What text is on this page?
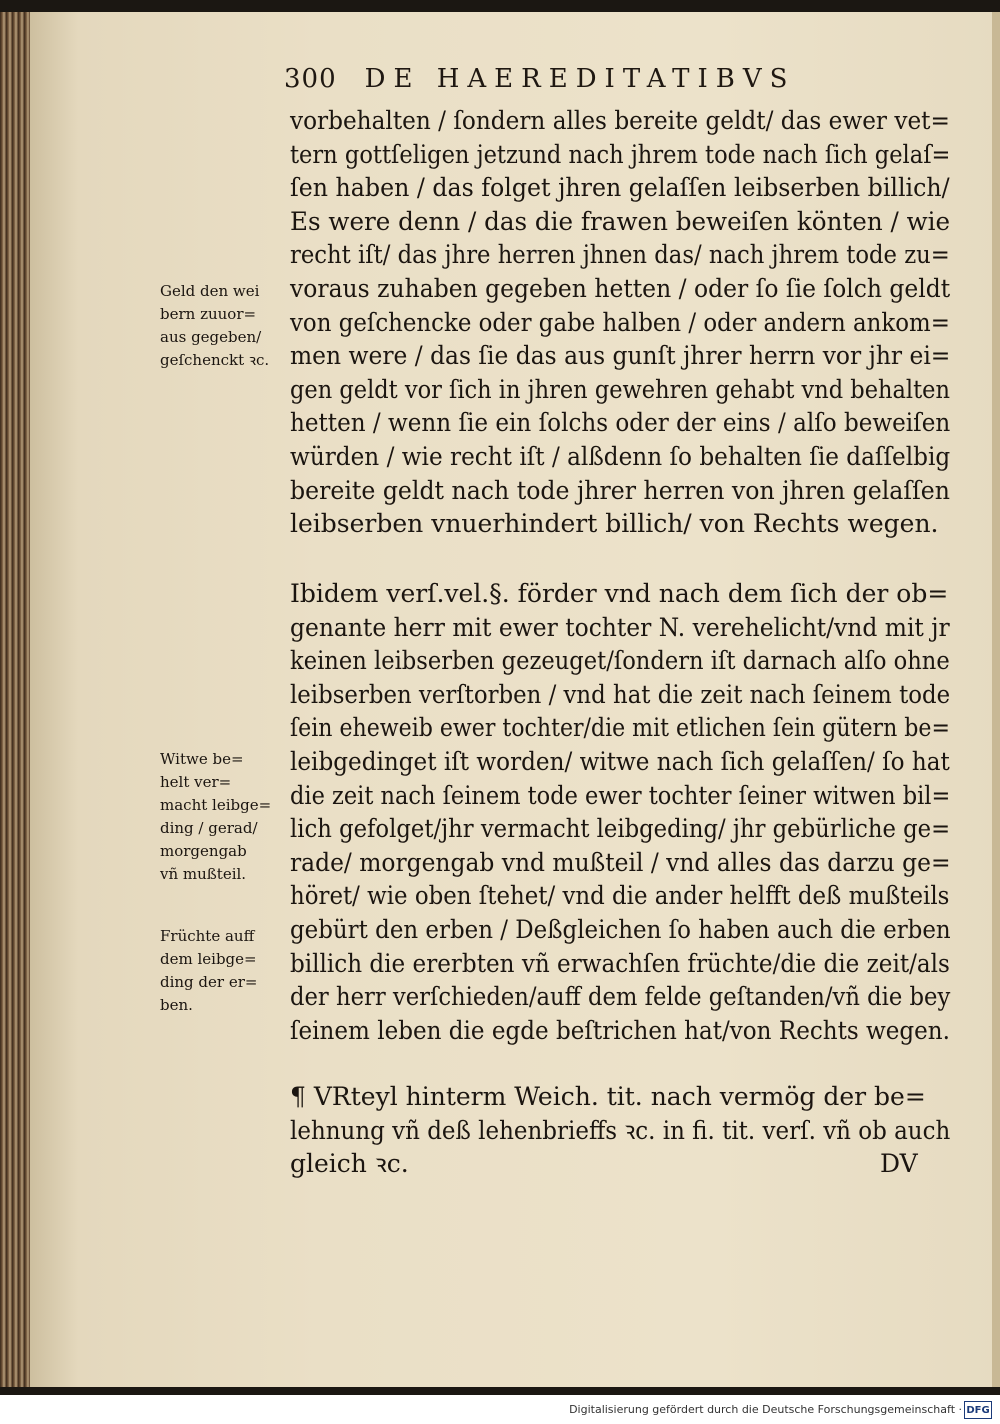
300 DE HAEREDITATIBVS
Geld den wei
bern zuuor=
aus gegeben/
geſchenckt ꝛc.
Witwe be=
helt ver=
macht leibge=
ding / gerad/
morgengab
vñ mußteil.
Früchte auff
dem leibge=
ding der er=
ben.
vorbehalten / ſondern alles bereite geldt/ das ewer vet=
tern gottſeligen jetzund nach jhrem tode nach ſich gelaſ=
ſen haben / das folget jhren gelaſſen leibserben billich/
Es were denn / das die frawen beweiſen könten / wie
recht iſt/ das jhre herren jhnen das/ nach jhrem tode zu=
voraus zuhaben gegeben hetten / oder ſo ſie ſolch geldt
von geſchencke oder gabe halben / oder andern ankom=
men were / das ſie das aus gunſt jhrer herrn vor jhr ei=
gen geldt vor ſich in jhren gewehren gehabt vnd behalten
hetten / wenn ſie ein ſolchs oder der eins / alſo beweiſen
würden / wie recht iſt / alßdenn ſo behalten ſie daſſelbig
bereite geldt nach tode jhrer herren von jhren gelaſſen
leibserben vnuerhindert billich/ von Rechts wegen.
Ibidem verſ.vel.§. förder vnd nach dem ſich der ob=
genante herr mit ewer tochter N. verehelicht/vnd mit jr
keinen leibserben gezeuget/ſondern iſt darnach alſo ohne
leibserben verſtorben / vnd hat die zeit nach ſeinem tode
ſein eheweib ewer tochter/die mit etlichen ſein gütern be=
leibgedinget iſt worden/ witwe nach ſich gelaſſen/ ſo hat
die zeit nach ſeinem tode ewer tochter ſeiner witwen bil=
lich gefolget/jhr vermacht leibgeding/ jhr gebürliche ge=
rade/ morgengab vnd mußteil / vnd alles das darzu ge=
höret/ wie oben ſtehet/ vnd die ander helfft deß mußteils
gebürt den erben / Deßgleichen ſo haben auch die erben
billich die ererbten vñ erwachſen früchte/die die zeit/als
der herr verſchieden/auff dem felde geſtanden/vñ die bey
ſeinem leben die egde beſtrichen hat/von Rechts wegen.
¶ VRteyl hinterm Weich. tit. nach vermög der be=
lehnung vñ deß lehenbrieffs ꝛc. in fi. tit. verſ. vñ ob auch
gleich ꝛc.	DV
Digitalisierung gefördert durch die Deutsche Forschungsgemeinschaft · DFG
